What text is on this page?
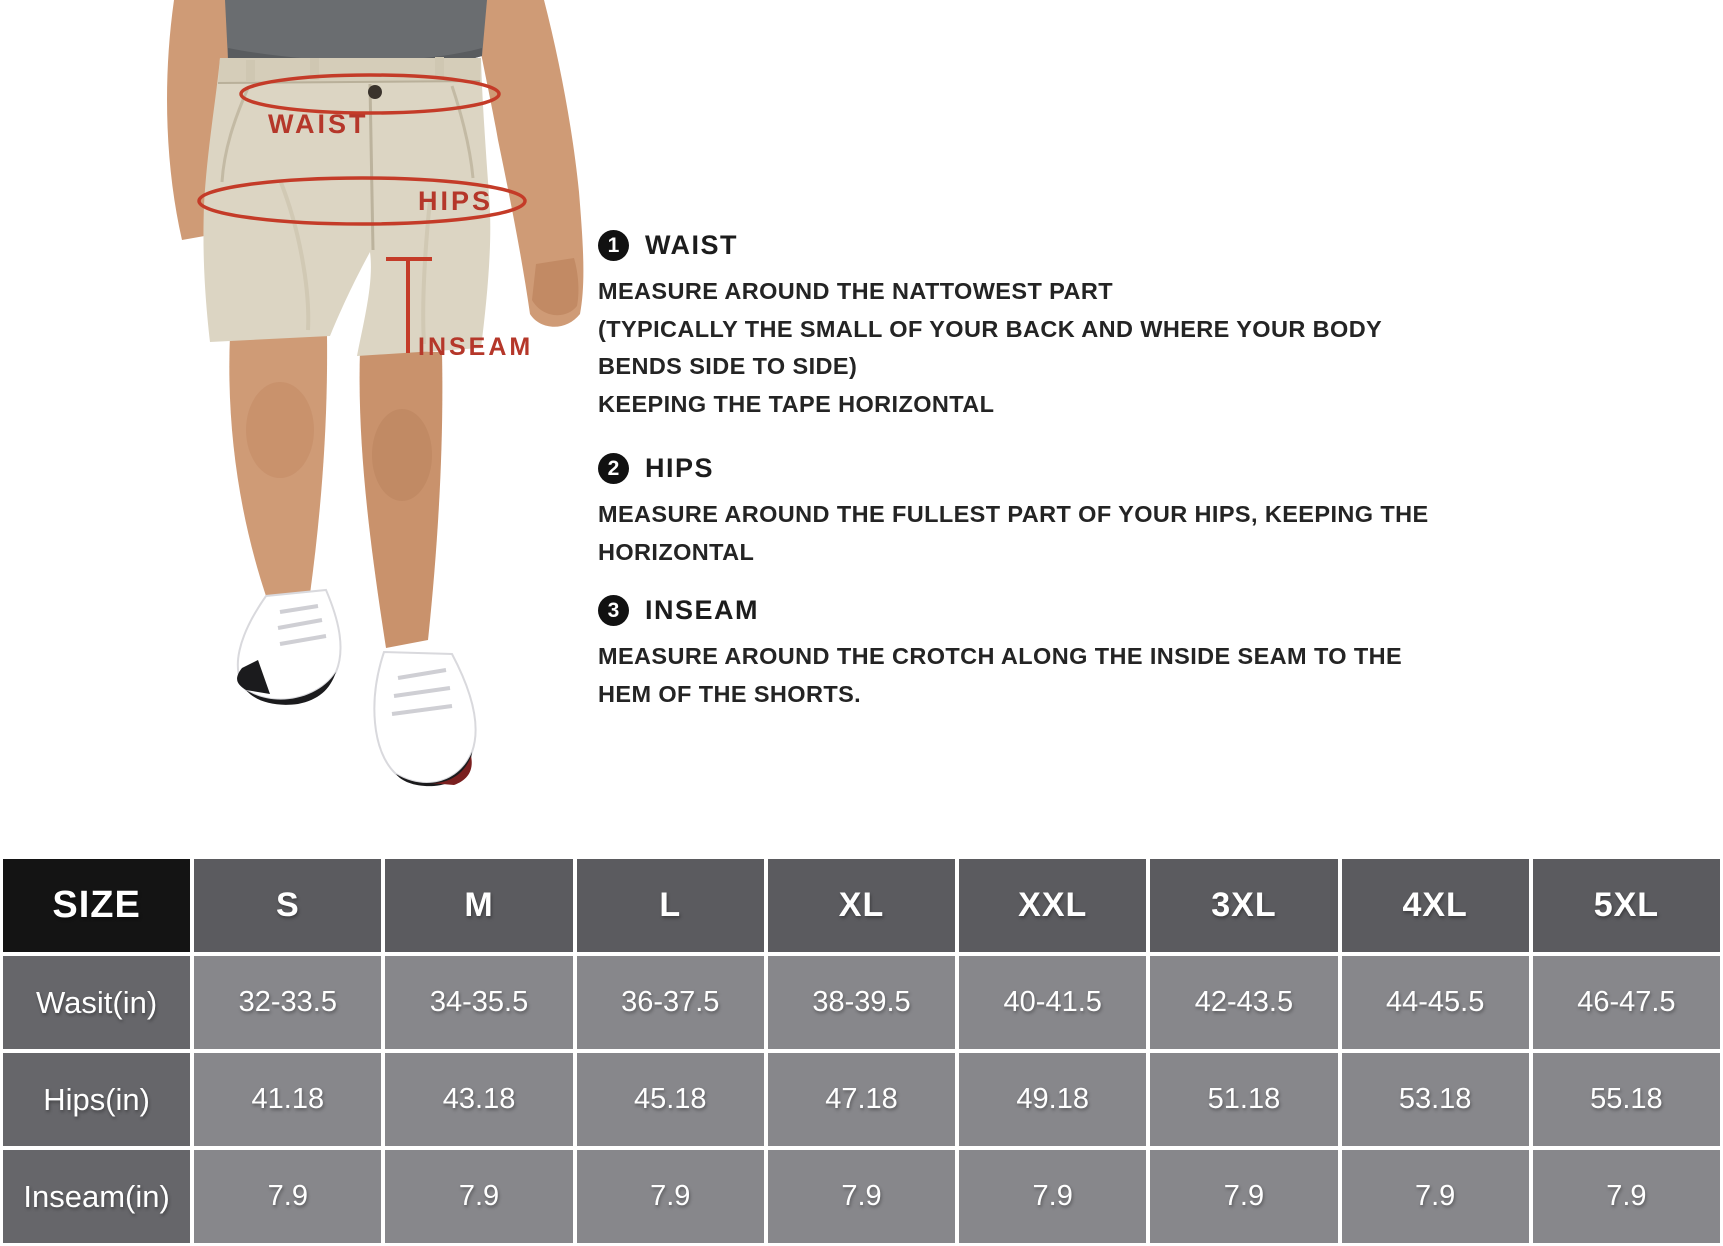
WAIST
HIPS
INSEAM
1 WAIST

MEASURE AROUND THE NATTOWEST PART

(TYPICALLY THE SMALL OF YOUR BACK AND WHERE YOUR BODY

BENDS SIDE TO SIDE)

KEEPING THE TAPE HORIZONTAL

2 HIPS

MEASURE AROUND THE FULLEST PART OF YOUR HIPS, KEEPING THE

HORIZONTAL

3 INSEAM

MEASURE AROUND THE CROTCH ALONG THE INSIDE SEAM TO THE

HEM OF THE SHORTS.

SIZE	S	M	L	XL	XXL	3XL	4XL	5XL
Wasit(in)	32-33.5	34-35.5	36-37.5	38-39.5	40-41.5	42-43.5	44-45.5	46-47.5
Hips(in)	41.18	43.18	45.18	47.18	49.18	51.18	53.18	55.18
Inseam(in)	7.9	7.9	7.9	7.9	7.9	7.9	7.9	7.9
